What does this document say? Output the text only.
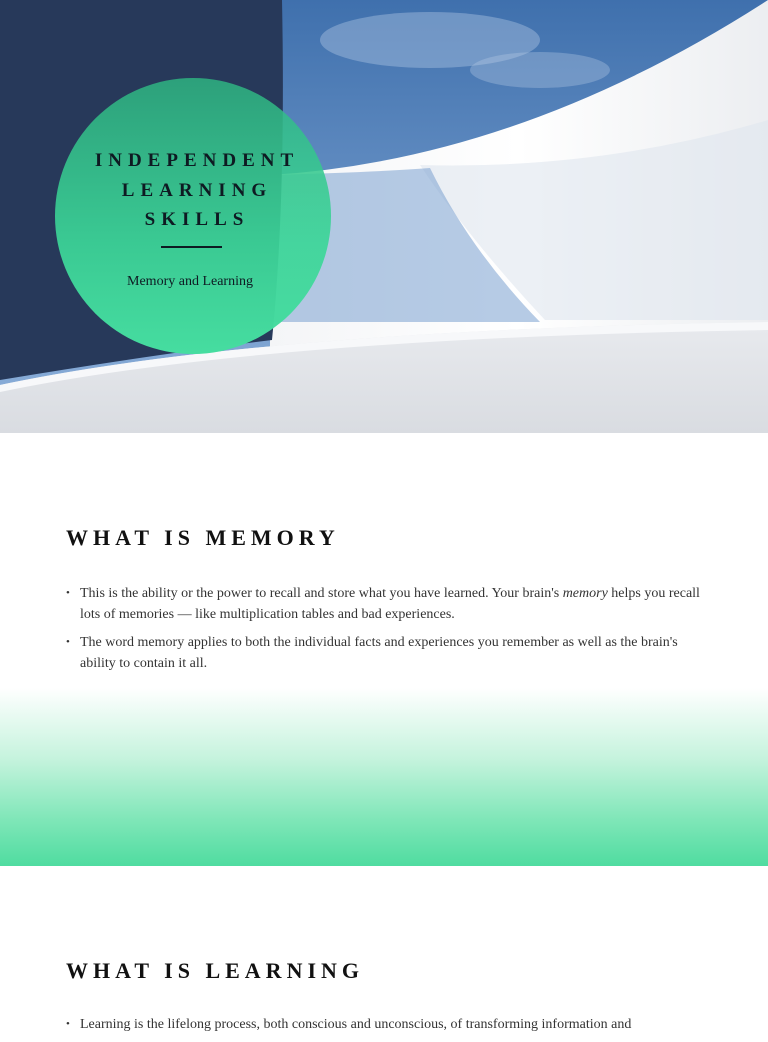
INDEPENDENT
LEARNING
SKILLS
Memory and Learning
WHAT IS MEMORY
• This is the ability or the power to recall and store what you have learned. Your brain's memory helps you recall lots of memories — like multiplication tables and bad experiences.
• The word memory applies to both the individual facts and experiences you remember as well as the brain's ability to contain it all.
WHAT IS LEARNING
• Learning is the lifelong process, both conscious and unconscious, of transforming information and
